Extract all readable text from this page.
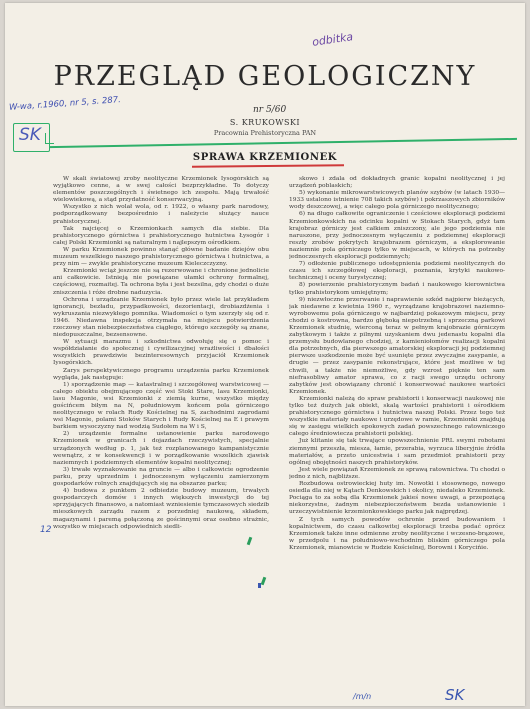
odbitka
W-wa, r.1960, nr 5, s. 287.
SK
PRZEGLĄD GEOLOGICZNY
nr 5/60
S. KRUKOWSKI
Pracownia Prehistoryczna PAN
SPRAWA KRZEMIONEK

W skali światowej zroby neolityczne Krzemionek Iysogórskich są wyjątkowo cenne, a w swej całości bezprzykładne. To dotyczy elementów poszczególnych i świetnego ich zespołu. Mają trwałość wielowiekową, a stąd przydatność konserwacyjną.

Wszystko z nich wolał wola, od r. 1922, o własny park narodowy, podporządkowany bezpośrednio i należycie służący nauce prahistorycznej.

Tak najcięcej o Krzemionkach samych dla siebie. Dla prahistorycznego górnictwa i prahistorycznego hutnictwa Łysogór i całej Polski Krzemionki są naturalnym i najlepszym ośrodkiem.

W parku Krzemionek powinno stanąć główne badanie dziejów obu muzeum wszelkiego naszego prahistorycznego górnictwa i hutnictwa, a przy nim — zwykle prahistoryczne muzeum Kieleczczyzny.

Krzemionki wciąż jeszcze nie są rezerwowane i chronione jednolicie ani całkowicie. Istnieją nie powiązane ułamki ochrony formalnej, częściowej, rozmaitej. Ta ochrona była i jest bezsilna, gdy chodzi o duże zniszczenia i róże drobne naduzycia.

Ochrona i urządzanie Krzemionek było przez wiele lat przykładem ignorancji, bezładu, przypadkowości, dezorientacji, drobiazdżenia i wykruszania niezwykłego pomnika. Wiadomości o tym szerzyły się od r. 1946. Niedawna inspekcja otrzymała na miejscu potwierdzenia rzeczowy stan niebezpieczeństwa ciągłego, którego szczegóły są znane, niedopuszczalne, bezsensowne.

W sytuacji marazmu i szkodnictwa odwołuję się o pomoc i współdziałanie do społecznej i cywilizacyjnej wrażliwości i dbałości wszystkich prawdziwie bezinteresownych przyjaciół Krzemionek Iysogórskich.

Zarys perspektywicznego programu urządzenia parku Krzemionek wygląda, jak następuje:

1) sporządzenie map — katastralnej i szczegółowej warstwicowej — całego obiektu obejmującego część wsi Stoki Stare, lasu Krzemionki, lasu Magonie, wsi Krzemionki z ziemią kurne, wszystko między gościńcem biłym na N, południowym końcem pola górniczego neolitycznego w rolach Rudy Kościelnej na S, zachodnimi zagrodami wsi Magonie, polami Stoków Starych i Rudy Kościelnej na E i prawym barkiem wysoczyzny nad wodzią Sudołem na W i S,

2) urządzenie formalne ustanowienie parku narodowego Krzemionek w granicach i dojazdach rzeczywistych, specjalnie urządzonych według p. 1, jak też rozplanowanego kampanistycznie wewnątrz, z w konsekwencji i w porządkowanie wszelkich zjawisk naziemnych i podziemnych elementów kopalni neolitycznej;

3) trwałe wyznakowanie na gruncie — albo i całkowicie ogrodzenie parku, przy uprzednim i jednoczesnym wyłączeniu zamierzonym gospodarków rolnych znajdujących się na obszarze parku;

4) budowa z punktem 2 odbiedzie budowy muzeum, trwałych gospodarczych domów i innych większych inwestycji do tej sprzyjających finansowo, a natomiast wzniesienie tymczasowych siedzib mieszkowych zarządu razem z porzedniej naukową, składem, magazynami i paremą połączoną ze gościnnymi oraz osobno strażnic, wszystko w miejscach odpowiednich siedli-

skowo i zdala od dokładnych granic kopalni neolitycznej i jej urządzeń poblaskich;

5) wykonanie mikrowarstwicowych planów szybów (w latach 1930—1933 ustalono istnienie 708 takich szybów) i pokrzaszowych zbiorników wody deszczowej, a więc całego pola górniczego neolitycznego;

6) na długo całkowite ograniczenie i cześciowe eksploracji podziemi Krzemionkowskich na odcinku kopalni w Stokach Starych, gdyż tam krajobraz górniczy jest całkiem zniszczony, ale jego podziemia nie naruszone, przy jednoczesnym wyłączeniu z podziemnej eksploracji reszty zrobów pokrytych krajobrazem górniczym, a eksplorowanie naziemnie pola górniczego tylko w miejscach, w których na potrzeby jednoczesnych eksploracji podziemnych;

7) odłożenie publicznego udostępnienia podziemi neolitycznych do czasu ich szczegółowej eksploracji, poznania, krytyki naukowo-technicznej i oceny turystycznej;

8) powierzenie prahistorycznym badań i naukowego kierownictwa tylko prahistorykom umiejętnym;

9) niezwłoczne przerwanie i naprawienie szkód najpierw bieżących, jak niedawne z kwietnia 1960 r., wyrządzane krajobrazowi naziemno-wyrobowemu pola górniczego w najbardziej pokazowym miejscu, przy chodzi o kostrowna, bardzo głęboką niepotrzebną i sprzeczną parkowi Krzemionek studnię, wierconą teraz w pełnym krajobrazie górniczym zabytkowym i także z pilnymi uzyskaniem dwu jedenastu kopalni dla przemysłu budowlanego chodziej, z kamieniołomów realizacji kopalni dla potrzebnych, dla pierwszego amatorskiej eksploracji jej podziemnej pierwsze uszkodzenie może być usunięte przez zwyczajne zasypanie, a drugie — przez zasypanie rekonstrujące, które jest możliwe w tej chwili, a także nie niemożliwe, gdy wzrost pięknie ten sam niefrasobliwy amator sprawa, co z racji swego urzędu ochrony zabytków jest obowiązany chronić i konserwować naukowe wartości Krzemionek.

Krzemionki należą do spraw prahistorii i konserwacji naukowej nie tylko też dużych jak obiekt, skalą wartości prahistorii i ośrodkiem prahistorycznego górnictwa i hutnictwa naszej Polski. Przez tego też wszystkie materiały naukowe i urzędowe w ramie, Krzemionki znajdują się w zasięgu wielkich epokowych zadań powszechnego ratowniczego całego średniowiecza prahistorii polskiej.

Już klitanie się tak trwające upowszechnienie PRL swymi robotami ziemnymi przeszła, miesza, łamie, przerabia, wyrzuca liberyjnie źródła materiałów, a przeto unicestwia i sam przedmiot prahistorii przy ogólnej obojętności naszych prahistoryków.

Jest wiele powiązań Krzemionek ze sprawą ratownictwa. Tu chodzi o jedno z nich, najbliższe.

Rozbudowa ostrowieckiej huty im. Nowotki i stosownego, nowego osiedla dla niej w Kątach Denkowskich i okolicy, niedaleko Krzemionek. Pociąga to za sobą dla Krzemionek jakieś nowe uwagi, a przepoziącą niekorzystne, żadnym niebezpieczeństwem bezda ustanowienie i urzeczywistnienie krzemionkowskiego parku jak najprędzej.

Z tych samych powodów ochronie przed budowaniem i kopalnictwem, do czasu całkowitej eksploracji trzeba podać oprócz Krzemionek także inne odmienne zroby neolityczne i wczesno-brązowe, w przedpolu i na południowo-wschodnim bliskim górniczego pola Krzemionek, mianowicie w Rudzie Kościelnej, Borowni i Korycińie.

12
/m/n	SK
